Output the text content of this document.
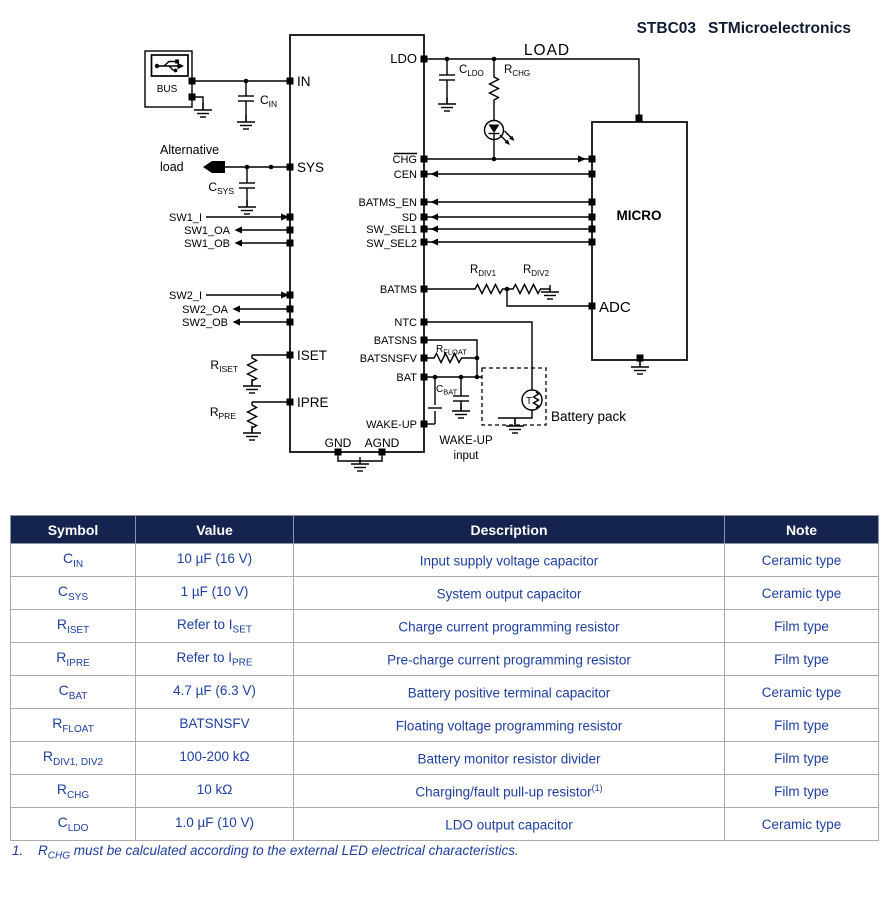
BUS
$C_{IN}$
Alternative
load
$C_{SYS}$
SW1_I
SW1_OA
SW1_OB
SW2_I
SW2_OA
SW2_OB
$R_{ISET}$
$R_{PRE}$
IN
SYS
ISET
IPRE
GND AGND
LDO
CHG
CEN
BATMS_EN
SD
SW_SEL1
SW_SEL2
BATMS
NTC
BATSNS
BATSNSFV
BAT
WAKE-UP
LOAD
$C_{LDO}$ $R_{CHG}$
$R_{DIV1}$ $R_{DIV2}$
$R_{FLOAT}$
$C_{BAT}$
WAKE-UP
input
T
Battery pack
MICRO
ADC
STBC03 STMicroelectronics
Symbol	Value	Description	Note
$C_{IN}$	10 µF (16 V)	Input supply voltage capacitor	Ceramic type
$C_{SYS}$	1 µF (10 V)	System output capacitor	Ceramic type
$R_{ISET}$	Refer to $I_{SET}$	Charge current programming resistor	Film type
$R_{IPRE}$	Refer to $I_{PRE}$	Pre-charge current programming resistor	Film type
$C_{BAT}$	4.7 µF (6.3 V)	Battery positive terminal capacitor	Ceramic type
$R_{FLOAT}$	BATSNSFV	Floating voltage programming resistor	Film type
$R_{DIV1, DIV2}$	100-200 kΩ	Battery monitor resistor divider	Film type
$R_{CHG}$	10 kΩ	Charging/fault pull-up resistor$^{(1)}$	Film type
$C_{LDO}$	1.0 µF (10 V)	LDO output capacitor	Ceramic type
1. $R_{CHG}$ must be calculated according to the external LED electrical characteristics.
